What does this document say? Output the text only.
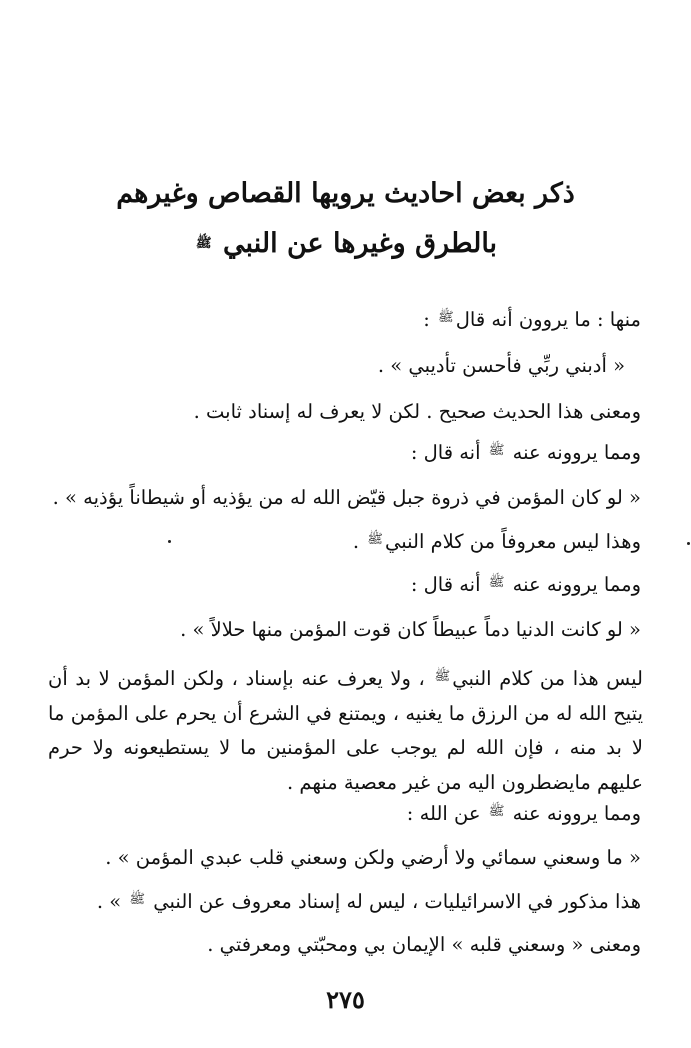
ذكر بعض احاديث يرويها القصاص وغيرهم
بالطرق وغيرها عن النبي ﷺ
منها : ما يروون أنه قالﷺ :
« أدبني ربِّي فأحسن تأديبي » .
ومعنى هذا الحديث صحيح . لكن لا يعرف له إسناد ثابت .
ومما يروونه عنه ﷺ أنه قال :
« لو كان المؤمن في ذروة جبل قيّض الله له من يؤذيه أو شيطاناً يؤذيه » .
وهذا ليس معروفاً من كلام النبيﷺ .
ومما يروونه عنه ﷺ أنه قال :
« لو كانت الدنيا دماً عبيطاً كان قوت المؤمن منها حلالاً » .
ليس هذا من كلام النبيﷺ ، ولا يعرف عنه بإسناد ، ولكن المؤمن لا بد أن يتيح الله له من الرزق ما يغنيه ، ويمتنع في الشرع أن يحرم على المؤمن ما لا بد منه ، فإن الله لم يوجب على المؤمنين ما لا يستطيعونه ولا حرم عليهم مايضطرون اليه من غير معصية منهم .
ومما يروونه عنه ﷺ عن الله :
« ما وسعني سمائي ولا أرضي ولكن وسعني قلب عبدي المؤمن » .
هذا مذكور في الاسرائيليات ، ليس له إسناد معروف عن النبي ﷺ » .
ومعنى « وسعني قلبه » الإيمان بي ومحبّتي ومعرفتي .
٢٧٥
